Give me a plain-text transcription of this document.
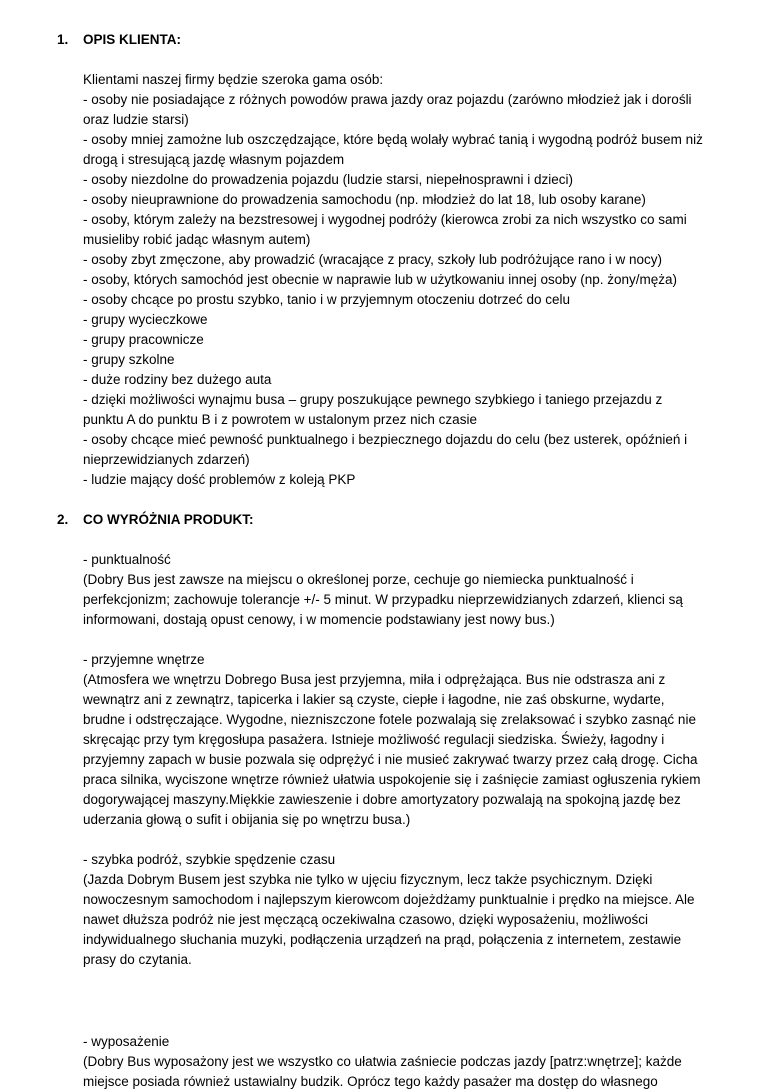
1.	OPIS KLIENTA:

Klientami naszej firmy będzie szeroka gama osób:

- osoby nie posiadające z różnych powodów prawa jazdy oraz pojazdu (zarówno młodzież jak i dorośli oraz ludzie starsi)

- osoby mniej zamożne lub oszczędzające, które będą wolały wybrać tanią i wygodną podróż busem niż drogą i stresującą jazdę własnym pojazdem

- osoby niezdolne do prowadzenia pojazdu (ludzie starsi, niepełnosprawni i dzieci)

- osoby nieuprawnione do prowadzenia samochodu (np. młodzież do lat 18, lub osoby karane)

- osoby, którym zależy na bezstresowej i wygodnej podróży (kierowca zrobi za nich wszystko co sami musieliby robić jadąc własnym autem)

- osoby zbyt zmęczone, aby prowadzić (wracające z pracy, szkoły lub podróżujące rano i w nocy)

- osoby, których samochód jest obecnie w naprawie lub w użytkowaniu innej osoby (np. żony/męża)

- osoby chcące po prostu szybko, tanio i w przyjemnym otoczeniu dotrzeć do celu

- grupy wycieczkowe

- grupy pracownicze

- grupy szkolne

- duże rodziny bez dużego auta

- dzięki możliwości wynajmu busa – grupy poszukujące pewnego szybkiego i taniego przejazdu z punktu A do punktu B i z powrotem w ustalonym przez nich czasie

- osoby chcące mieć pewność punktualnego i bezpiecznego dojazdu do celu (bez usterek, opóźnień i nieprzewidzianych zdarzeń)

- ludzie mający dość problemów z koleją PKP

2.	CO WYRÓŻNIA PRODUKT:

- punktualność

(Dobry Bus jest zawsze na miejscu o określonej porze, cechuje go niemiecka punktualność i perfekcjonizm; zachowuje tolerancje +/- 5 minut. W przypadku nieprzewidzianych zdarzeń, klienci są informowani, dostają opust cenowy, i w momencie podstawiany jest nowy bus.)

- przyjemne wnętrze

(Atmosfera we wnętrzu Dobrego Busa jest przyjemna, miła i odprężająca. Bus nie odstrasza ani z wewnątrz ani z zewnątrz, tapicerka i lakier są czyste, ciepłe i łagodne, nie zaś obskurne, wydarte, brudne i odstręczające. Wygodne, niezniszczone fotele pozwalają się zrelaksować i szybko zasnąć nie skręcając przy tym kręgosłupa pasażera. Istnieje możliwość regulacji siedziska. Świeży, łagodny i przyjemny zapach w busie pozwala się odprężyć i nie musieć zakrywać twarzy przez całą drogę. Cicha praca silnika, wyciszone wnętrze również ułatwia uspokojenie się i zaśnięcie zamiast ogłuszenia rykiem dogorywającej maszyny.Miękkie zawieszenie i dobre amortyzatory pozwalają na spokojną jazdę bez uderzania głową o sufit i obijania się po wnętrzu busa.)

- szybka podróż, szybkie spędzenie czasu

(Jazda Dobrym Busem jest szybka nie tylko w ujęciu fizycznym, lecz także psychicznym. Dzięki nowoczesnym samochodom i najlepszym kierowcom dojeżdżamy punktualnie i prędko na miejsce. Ale nawet dłuższa podróż nie jest męczącą oczekiwalna czasowo, dzięki wyposażeniu, możliwości indywidualnego słuchania muzyki, podłączenia urządzeń na prąd, połączenia z internetem, zestawie prasy do czytania.

- wyposażenie

(Dobry Bus wyposażony jest we wszystko co ułatwia zaśniecie podczas jazdy [patrz:wnętrze]; każde miejsce posiada również ustawialny budzik. Oprócz tego każdy pasażer ma dostęp do własnego
